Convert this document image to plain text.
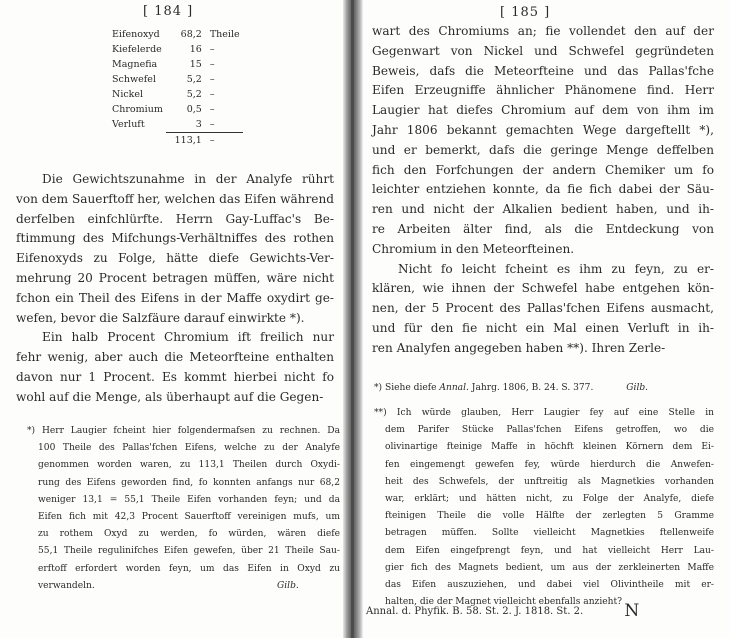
[ 184 ]
Eifenoxyd	68,2	Theile
Kiefelerde	16	–
Magnefia	15	–
Schwefel	5,2	–
Nickel	5,2	–
Chromium	0,5	–
Verluft	3	–
	113,1	–
Die Gewichtszunahme in der Analyfe rührt
von dem Sauerftoff her, welchen das Eifen während
derfelben einfchlürfte. Herrn Gay-Luffac's Be-
ftimmung des Mifchungs-Verhältniffes des rothen
Eifenoxyds zu Folge, hätte diefe Gewichts-Ver-
mehrung 20 Procent betragen müffen, wäre nicht
fchon ein Theil des Eifens in der Maffe oxydirt ge-
wefen, bevor die Salzfäure darauf einwirkte *).
Ein halb Procent Chromium ift freilich nur
fehr wenig, aber auch die Meteorfteine enthalten
davon nur 1 Procent. Es kommt hierbei nicht fo
wohl auf die Menge, als überhaupt auf die Gegen-
*) Herr Laugier fcheint hier folgendermafsen zu rechnen. Da
100 Theile des Pallas'fchen Eifens, welche zu der Analyfe
genommen worden waren, zu 113,1 Theilen durch Oxydi-
rung des Eifens geworden find, fo konnten anfangs nur 68,2
weniger 13,1 = 55,1 Theile Eifen vorhanden feyn; und da
Eifen fich mit 42,3 Procent Sauerftoff vereinigen mufs, um
zu rothem Oxyd zu werden, fo würden, wären diefe
55,1 Theile regulinifches Eifen gewefen, über 21 Theile Sau-
erftoff erfordert worden feyn, um das Eifen in Oxyd zu
verwandeln.	Gilb.
[ 185 ]
wart des Chromiums an; fie vollendet den auf der
Gegenwart von Nickel und Schwefel gegründeten
Beweis, dafs die Meteorfteine und das Pallas'fche
Eifen Erzeugniffe ähnlicher Phänomene find. Herr
Laugier hat diefes Chromium auf dem von ihm im
Jahr 1806 bekannt gemachten Wege dargeftellt *),
und er bemerkt, dafs die geringe Menge deffelben
fich den Forfchungen der andern Chemiker um fo
leichter entziehen konnte, da fie fich dabei der Säu-
ren und nicht der Alkalien bedient haben, und ih-
re Arbeiten älter find, als die Entdeckung von
Chromium in den Meteorfteinen.
Nicht fo leicht fcheint es ihm zu feyn, zu er-
klären, wie ihnen der Schwefel habe entgehen kön-
nen, der 5 Procent des Pallas'fchen Eifens ausmacht,
und für den fie nicht ein Mal einen Verluft in ih-
ren Analyfen angegeben haben **). Ihren Zerle-
*) Siehe diefe Annal. Jahrg. 1806, B. 24. S. 377.	Gilb.
**) Ich würde glauben, Herr Laugier fey auf eine Stelle in
dem Parifer Stücke Pallas'fchen Eifens getroffen, wo die
olivinartige fteinige Maffe in höchft kleinen Körnern dem Ei-
fen eingemengt gewefen fey, würde hierdurch die Anwefen-
heit des Schwefels, der unftreitig als Magnetkies vorhanden
war, erklärt; und hätten nicht, zu Folge der Analyfe, diefe
fteinigen Theile die volle Hälfte der zerlegten 5 Gramme
betragen müffen. Sollte vielleicht Magnetkies ftellenweife
dem Eifen eingefprengt feyn, und hat vielleicht Herr Lau-
gier fich des Magnets bedient, um aus der zerkleinerten Maffe
das Eifen auszuziehen, und dabei viel Olivintheile mit er-
halten, die der Magnet vielleicht ebenfalls anzieht?
Annal. d. Phyfik. B. 58. St. 2. J. 1818. St. 2. N
